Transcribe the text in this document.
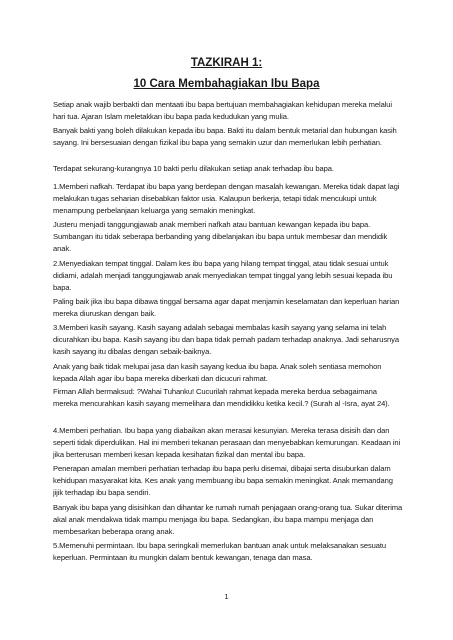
TAZKIRAH 1:
10 Cara Membahagiakan Ibu Bapa

Setiap anak wajib berbakti dan mentaati ibu bapa bertujuan membahagiakan kehidupan mereka melalui hari tua. Ajaran Islam meletakkan ibu bapa pada kedudukan yang mulia.

Banyak bakti yang boleh dilakukan kepada ibu bapa. Bakti itu dalam bentuk metarial dan hubungan kasih sayang. Ini bersesuaian dengan fizikal ibu bapa yang semakin uzur dan memerlukan lebih perhatian.

Terdapat sekurang-kurangnya 10 bakti perlu dilakukan setiap anak terhadap ibu bapa.

1.Memberi nafkah. Terdapat ibu bapa yang berdepan dengan masalah kewangan. Mereka tidak dapat lagi melakukan tugas seharian disebabkan faktor usia. Kalaupun berkerja, tetapi tidak mencukupi untuk menampung perbelanjaan keluarga yang semakin meningkat.

Justeru menjadi tanggungjawab anak memberi nafkah atau bantuan kewangan kepada ibu bapa. Sumbangan itu tidak seberapa berbanding yang dibelanjakan ibu bapa untuk membesar dan mendidik anak.

2.Menyediakan tempat tinggal. Dalam kes ibu bapa yang hilang tempat tinggal, atau tidak sesuai untuk didiami, adalah menjadi tanggungjawab anak menyediakan tempat tinggal yang lebih sesuai kepada ibu bapa.

Paling baik jika ibu bapa dibawa tinggal bersama agar dapat menjamin keselamatan dan keperluan harian mereka diuruskan dengan baik.

3.Memberi kasih sayang. Kasih sayang adalah sebagai membalas kasih sayang yang selama ini telah dicurahkan ibu bapa. Kasih sayang ibu dan bapa tidak pernah padam terhadap anaknya. Jadi seharusnya kasih sayang itu dibalas dengan sebaik-baiknya.

Anak yang baik tidak melupai jasa dan kasih sayang kedua ibu bapa. Anak soleh sentiasa memohon kepada Allah agar ibu bapa mereka diberkati dan dicucuri rahmat.

Firman Allah bermaksud: ?Wahai Tuhanku! Cucurilah rahmat kepada mereka berdua sebagaimana mereka mencurahkan kasih sayang memelihara dan mendidikku ketika kecil.? (Surah al -Isra, ayat 24).

4.Memberi perhatian. Ibu bapa yang diabaikan akan merasai kesunyian. Mereka terasa disisih dan dan seperti tidak diperdulikan. Hal ini memberi tekanan perasaan dan menyebabkan kemurungan. Keadaan ini jika berterusan memberi kesan kepada kesihatan fizikal dan mental ibu bapa.

Penerapan amalan memberi perhatian terhadap ibu bapa perlu disemai, dibajai serta disuburkan dalam kehidupan masyarakat kita. Kes anak yang membuang ibu bapa semakin meningkat. Anak memandang jijik terhadap ibu bapa sendiri.

Banyak ibu bapa yang disisihkan dan dihantar ke rumah rumah penjagaan orang-orang tua. Sukar diterima akal anak mendakwa tidak mampu menjaga ibu bapa. Sedangkan, ibu bapa mampu menjaga dan membesarkan beberapa orang anak.

5.Memenuhi permintaan. Ibu bapa seringkali memerlukan bantuan anak untuk melaksanakan sesuatu keperluan. Permintaan itu mungkin dalam bentuk kewangan, tenaga dan masa.

1
